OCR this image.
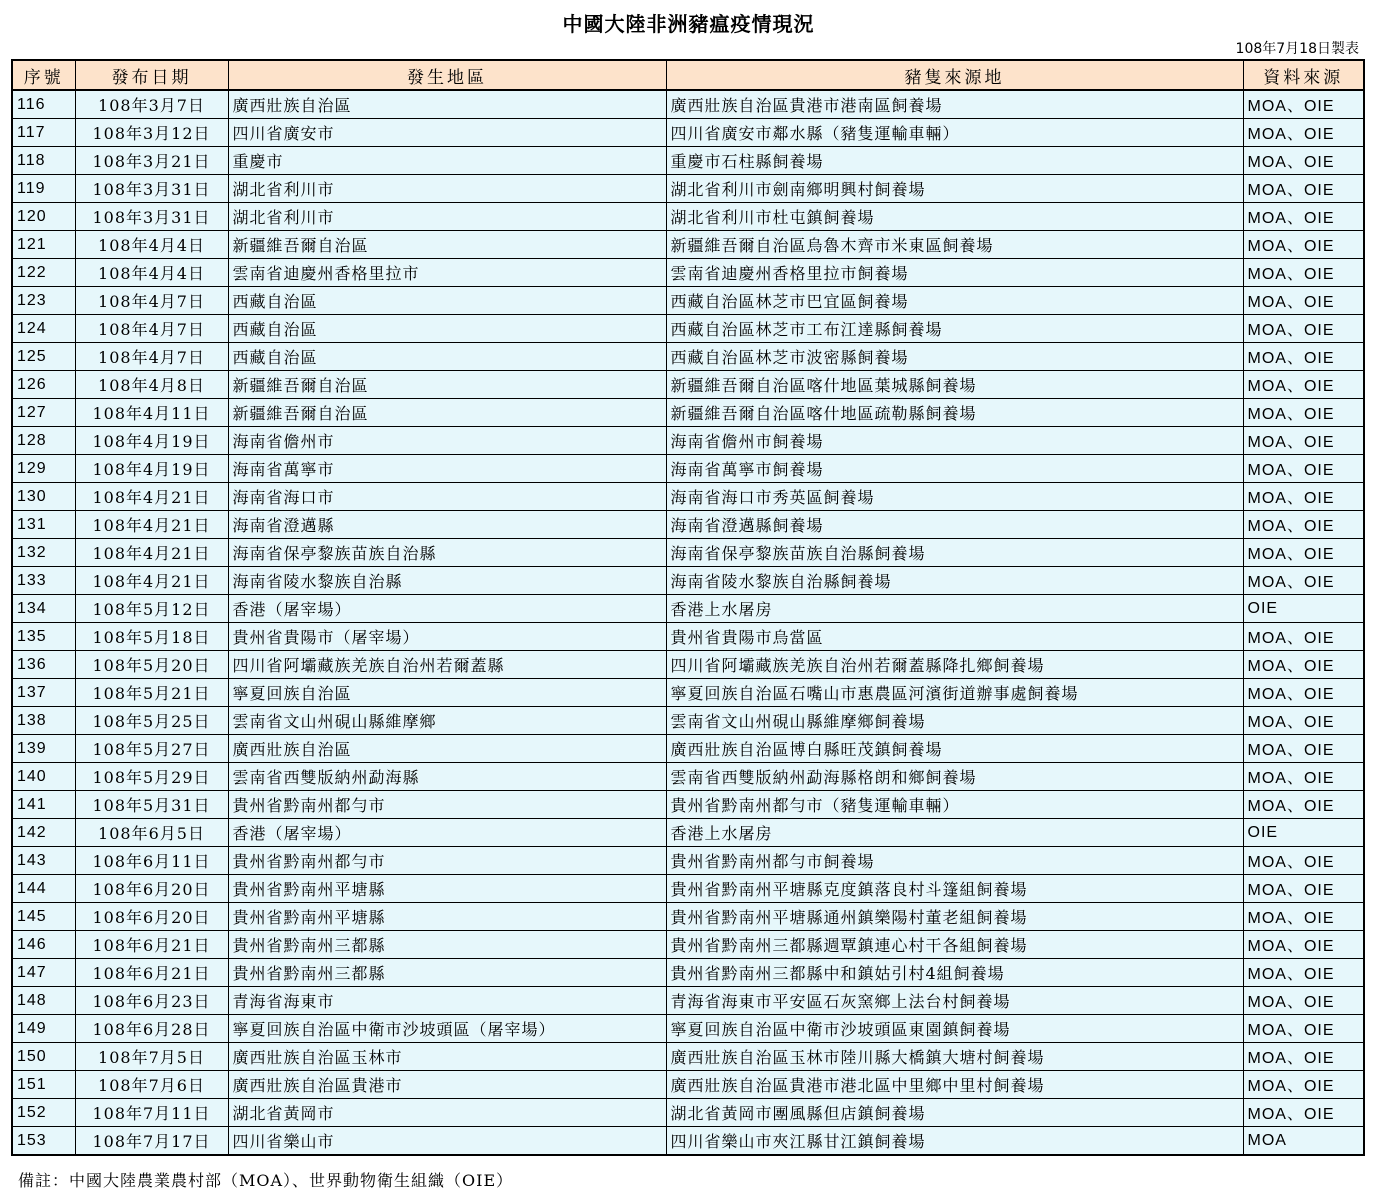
中國大陸非洲豬瘟疫情現況
108年7月18日製表
序號	發布日期	發生地區	豬隻來源地	資料來源
116	108年3月7日	廣西壯族自治區	廣西壯族自治區貴港市港南區飼養場	MOA、OIE
117	108年3月12日	四川省廣安市	四川省廣安市鄰水縣（豬隻運輸車輛）	MOA、OIE
118	108年3月21日	重慶市	重慶市石柱縣飼養場	MOA、OIE
119	108年3月31日	湖北省利川市	湖北省利川市劍南鄉明興村飼養場	MOA、OIE
120	108年3月31日	湖北省利川市	湖北省利川市杜屯鎮飼養場	MOA、OIE
121	108年4月4日	新疆維吾爾自治區	新疆維吾爾自治區烏魯木齊市米東區飼養場	MOA、OIE
122	108年4月4日	雲南省迪慶州香格里拉市	雲南省迪慶州香格里拉市飼養場	MOA、OIE
123	108年4月7日	西藏自治區	西藏自治區林芝市巴宜區飼養場	MOA、OIE
124	108年4月7日	西藏自治區	西藏自治區林芝市工布江達縣飼養場	MOA、OIE
125	108年4月7日	西藏自治區	西藏自治區林芝市波密縣飼養場	MOA、OIE
126	108年4月8日	新疆維吾爾自治區	新疆維吾爾自治區喀什地區葉城縣飼養場	MOA、OIE
127	108年4月11日	新疆維吾爾自治區	新疆維吾爾自治區喀什地區疏勒縣飼養場	MOA、OIE
128	108年4月19日	海南省儋州市	海南省儋州市飼養場	MOA、OIE
129	108年4月19日	海南省萬寧市	海南省萬寧市飼養場	MOA、OIE
130	108年4月21日	海南省海口市	海南省海口市秀英區飼養場	MOA、OIE
131	108年4月21日	海南省澄邁縣	海南省澄邁縣飼養場	MOA、OIE
132	108年4月21日	海南省保亭黎族苗族自治縣	海南省保亭黎族苗族自治縣飼養場	MOA、OIE
133	108年4月21日	海南省陵水黎族自治縣	海南省陵水黎族自治縣飼養場	MOA、OIE
134	108年5月12日	香港（屠宰場）	香港上水屠房	OIE
135	108年5月18日	貴州省貴陽市（屠宰場）	貴州省貴陽市烏當區	MOA、OIE
136	108年5月20日	四川省阿壩藏族羌族自治州若爾蓋縣	四川省阿壩藏族羌族自治州若爾蓋縣降扎鄉飼養場	MOA、OIE
137	108年5月21日	寧夏回族自治區	寧夏回族自治區石嘴山市惠農區河濱街道辦事處飼養場	MOA、OIE
138	108年5月25日	雲南省文山州硯山縣維摩鄉	雲南省文山州硯山縣維摩鄉飼養場	MOA、OIE
139	108年5月27日	廣西壯族自治區	廣西壯族自治區博白縣旺茂鎮飼養場	MOA、OIE
140	108年5月29日	雲南省西雙版納州勐海縣	雲南省西雙版納州勐海縣格朗和鄉飼養場	MOA、OIE
141	108年5月31日	貴州省黔南州都勻市	貴州省黔南州都勻市（豬隻運輸車輛）	MOA、OIE
142	108年6月5日	香港（屠宰場）	香港上水屠房	OIE
143	108年6月11日	貴州省黔南州都勻市	貴州省黔南州都勻市飼養場	MOA、OIE
144	108年6月20日	貴州省黔南州平塘縣	貴州省黔南州平塘縣克度鎮落良村斗篷組飼養場	MOA、OIE
145	108年6月20日	貴州省黔南州平塘縣	貴州省黔南州平塘縣通州鎮樂陽村董老組飼養場	MOA、OIE
146	108年6月21日	貴州省黔南州三都縣	貴州省黔南州三都縣週覃鎮連心村干各組飼養場	MOA、OIE
147	108年6月21日	貴州省黔南州三都縣	貴州省黔南州三都縣中和鎮姑引村4組飼養場	MOA、OIE
148	108年6月23日	青海省海東市	青海省海東市平安區石灰窯鄉上法台村飼養場	MOA、OIE
149	108年6月28日	寧夏回族自治區中衛市沙坡頭區（屠宰場）	寧夏回族自治區中衛市沙坡頭區東園鎮飼養場	MOA、OIE
150	108年7月5日	廣西壯族自治區玉林市	廣西壯族自治區玉林市陸川縣大橋鎮大塘村飼養場	MOA、OIE
151	108年7月6日	廣西壯族自治區貴港市	廣西壯族自治區貴港市港北區中里鄉中里村飼養場	MOA、OIE
152	108年7月11日	湖北省黃岡市	湖北省黃岡市團風縣但店鎮飼養場	MOA、OIE
153	108年7月17日	四川省樂山市	四川省樂山市夾江縣甘江鎮飼養場	MOA
備註：中國大陸農業農村部（MOA）、世界動物衛生組織（OIE）
